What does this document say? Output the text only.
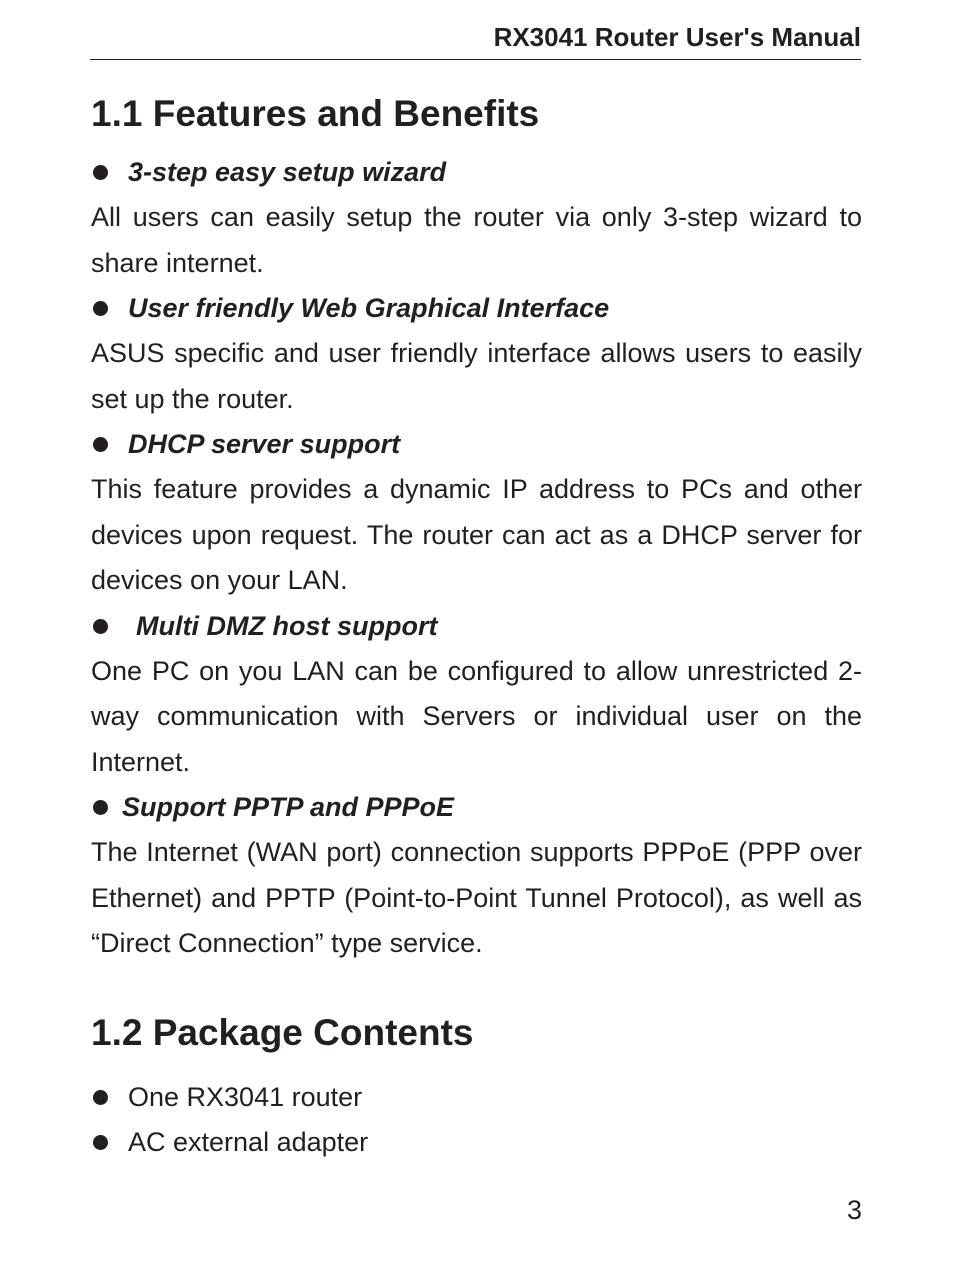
RX3041 Router User's Manual
1.1 Features and Benefits
3-step easy setup wizard

All users can easily setup the router via only 3-step wizard to share internet.

User friendly Web Graphical Interface

ASUS specific and user friendly interface allows users to easily set up the router.

DHCP server support

This feature provides a dynamic IP address to PCs and other devices upon request. The router can act as a DHCP server for devices on your LAN.

Multi DMZ host support

One PC on you LAN can be configured to allow unrestricted 2-way communication with Servers or individual user on the Internet.

Support PPTP and PPPoE

The Internet (WAN port) connection supports PPPoE (PPP over Ethernet) and PPTP (Point-to-Point Tunnel Protocol), as well as “Direct Connection” type service.

1.2 Package Contents
One RX3041 router
AC external adapter
3
